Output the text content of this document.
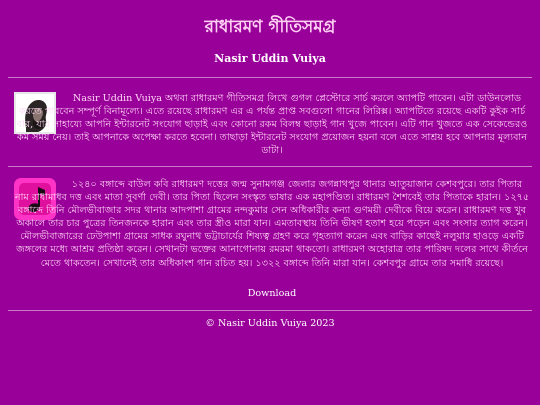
রাধারমণ গীতিসমগ্র
Nasir Uddin Vuiya
Nasir Uddin Vuiya অথবা রাধারমণ গীতিসমগ্র লিখে গুগল প্লেস্টোরে সার্চ করলে অ্যাপটি পাবেন। এটা ডাউনলোড করতে পারবেন সম্পূর্ণ বিনামূল্যে। এতে রয়েছে রাধারমণ এর এ পর্যন্ত প্রাপ্ত সবগুলো গানের লিরিক্স। অ্যাপটিতে রয়েছে একটি কুইক সার্চ বার, যার সাহায্যে আপনি ইন্টারনেট সংযোগ ছাড়াই এবং কোনো রকম বিলম্ব ছাড়াই গান খুজে পাবেন। এটি গান খুজতে এক সেকেন্ডেরও কম সময় নেয়। তাই আপনাকে অপেক্ষা করতে হবেনা। তাছাড়া ইন্টারনেট সংযোগ প্রয়োজন হয়না বলে এতে সাশ্রয় হবে আপনার মূল্যবান ডাটা।
১২৪০ বঙ্গাব্দে বাউল কবি রাধারমণ দত্তের জন্ম সুনামগঞ্জ জেলার জগন্নাথপুর থানার আতুয়াজান কেশবপুরে। তার পিতার নাম রাধামাধব দত্ত এবং মাতা সুবর্ণা দেবী। তার পিতা ছিলেন সংস্কৃত ভাষার এক মহাপণ্ডিত। রাধারমণ শৈশবেই তার পিতাকে হারান। ১২৭৫ বঙ্গাব্দে তিনি মৌলভীবাজার সদর থানার আদপাশা গ্রামের নন্দকুমার সেন অধিকারীর কন্যা গুণময়ী দেবীকে বিয়ে করেন। রাধারমণ দত্ত খুব অকালে তার চার পুত্রের তিনজনকে হারান এবং তার স্ত্রীও মারা যান। এমতাবস্থায় তিনি ভীষণ হতাশ হয়ে পড়েন এবং সংসার ত্যাগ করেন। মৌলভীবাজারের ঢেউপাশা গ্রামের সাধক রঘুনাথ ভট্টাচার্যের শিষ্যত্ব গ্রহণ করে গৃহত্যাগ করেন এবং বাড়ির কাছেই নলুয়ার হাওড়ে একটি জঙ্গলের মধ্যে আশ্রম প্রতিষ্ঠা করেন। সেখানটা ভক্তের আনাগোনায় রমরমা থাকতো। রাধারমণ অহোরাত্র তার পারিষদ দলের সাথে কীর্তনে মেতে থাকতেন। সেখানেই তার অধিকাংশ গান রচিত হয়। ১৩২২ বঙ্গাব্দে তিনি মারা যান। কেশবপুর গ্রামে তার সমাধি রয়েছে।
Download
© Nasir Uddin Vuiya 2023
